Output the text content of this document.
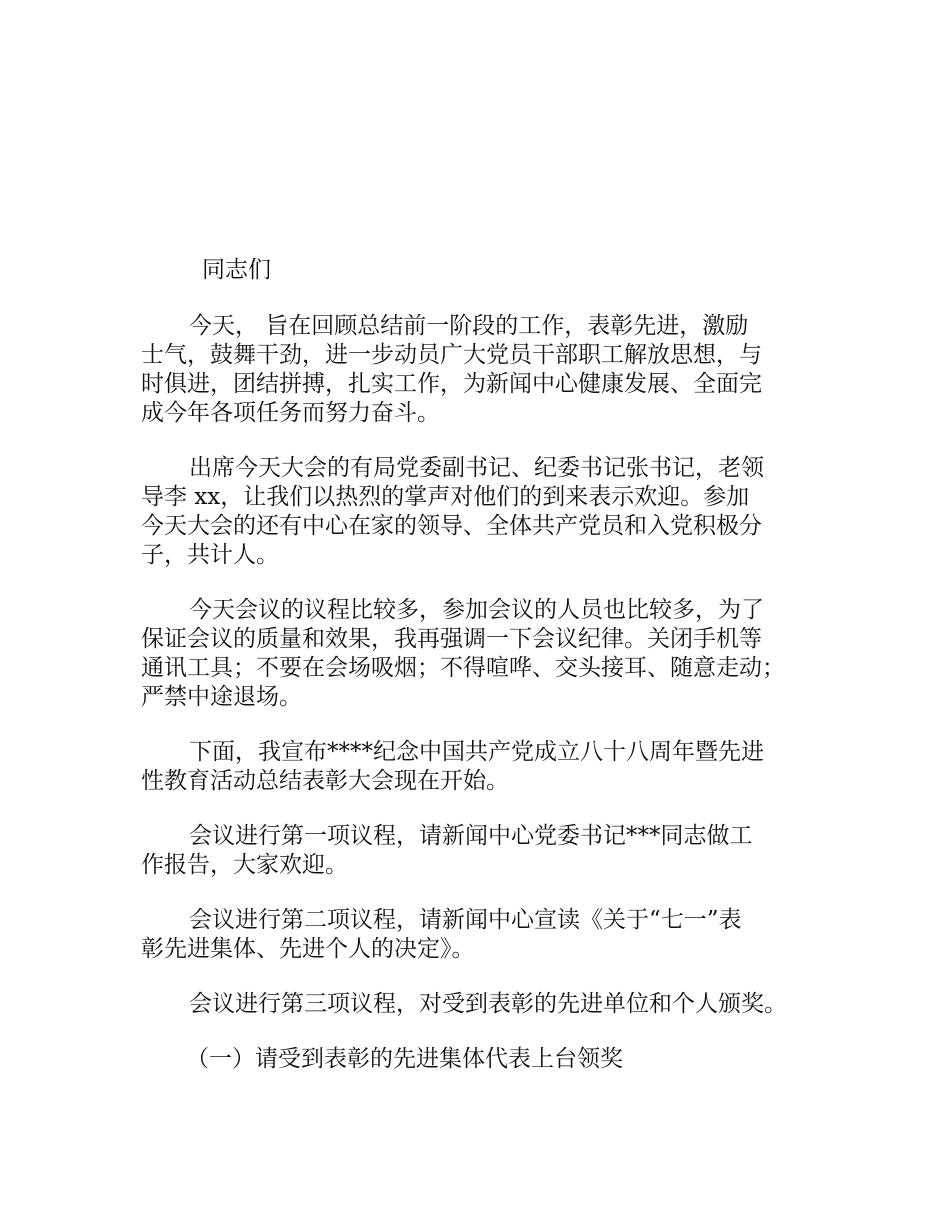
同志们

今天， 旨在回顾总结前一阶段的工作，表彰先进，激励
士气，鼓舞干劲，进一步动员广大党员干部职工解放思想，与
时俱进，团结拼搏，扎实工作，为新闻中心健康发展、全面完
成今年各项任务而努力奋斗。

出席今天大会的有局党委副书记、纪委书记张书记，老领
导李 xx，让我们以热烈的掌声对他们的到来表示欢迎。参加
今天大会的还有中心在家的领导、全体共产党员和入党积极分
子，共计人。

今天会议的议程比较多，参加会议的人员也比较多，为了
保证会议的质量和效果，我再强调一下会议纪律。关闭手机等
通讯工具；不要在会场吸烟；不得喧哗、交头接耳、随意走动；
严禁中途退场。

下面，我宣布****纪念中国共产党成立八十八周年暨先进
性教育活动总结表彰大会现在开始。

会议进行第一项议程，请新闻中心党委书记***同志做工
作报告，大家欢迎。

会议进行第二项议程，请新闻中心宣读《关于“七一”表
彰先进集体、先进个人的决定》。

会议进行第三项议程，对受到表彰的先进单位和个人颁奖。

（一）请受到表彰的先进集体代表上台领奖
